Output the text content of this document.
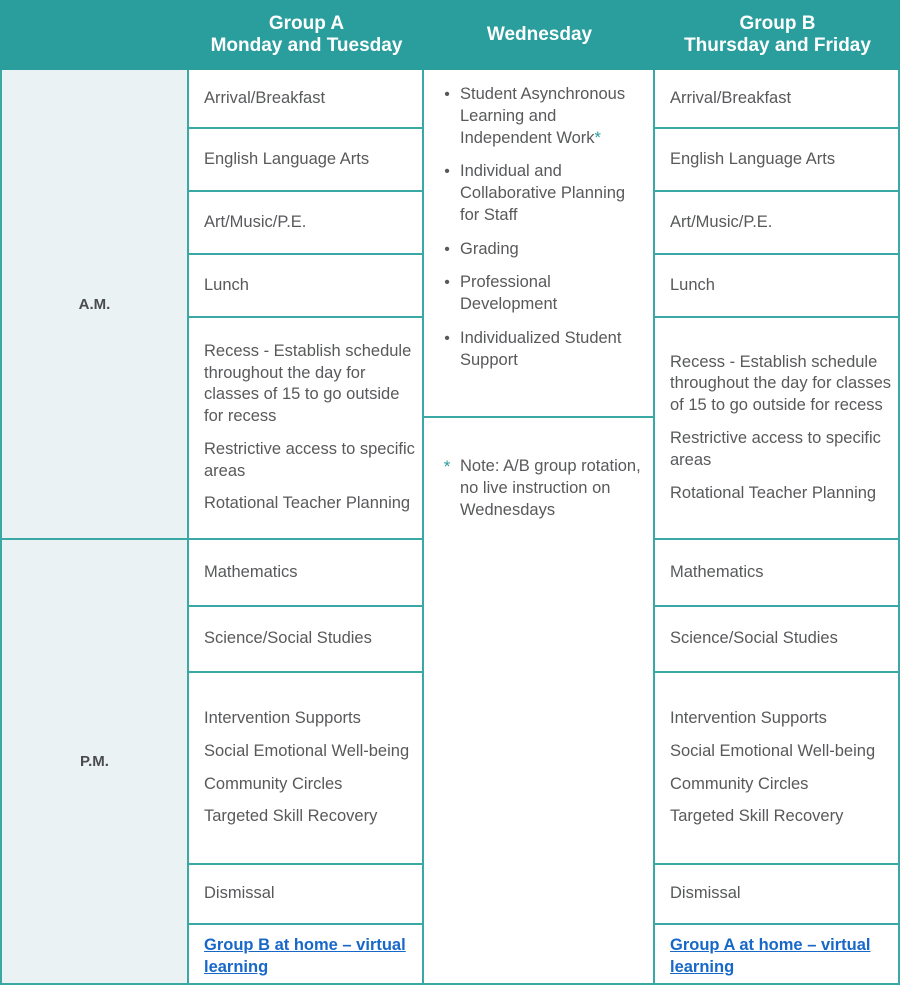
Group A
Monday and Tuesday
Wednesday
Group B
Thursday and Friday
A.M.
P.M.
Arrival/Breakfast
English Language Arts
Art/Music/P.E.
Lunch
Recess - Establish schedule throughout the day for classes of 15 to go outside for recess
Restrictive access to specific areas
Rotational Teacher Planning
Mathematics
Science/Social Studies
Intervention Supports
Social Emotional Well-being
Community Circles
Targeted Skill Recovery
Dismissal
Group B at home – virtual learning
• Student Asynchronous Learning and Independent Work*
• Individual and Collaborative Planning for Staff
• Grading
• Professional Development
• Individualized Student Support
* Note: A/B group rotation, no live instruction on Wednesdays
Arrival/Breakfast
English Language Arts
Art/Music/P.E.
Lunch
Recess - Establish schedule throughout the day for classes of 15 to go outside for recess
Restrictive access to specific areas
Rotational Teacher Planning
Mathematics
Science/Social Studies
Intervention Supports
Social Emotional Well-being
Community Circles
Targeted Skill Recovery
Dismissal
Group A at home – virtual learning
